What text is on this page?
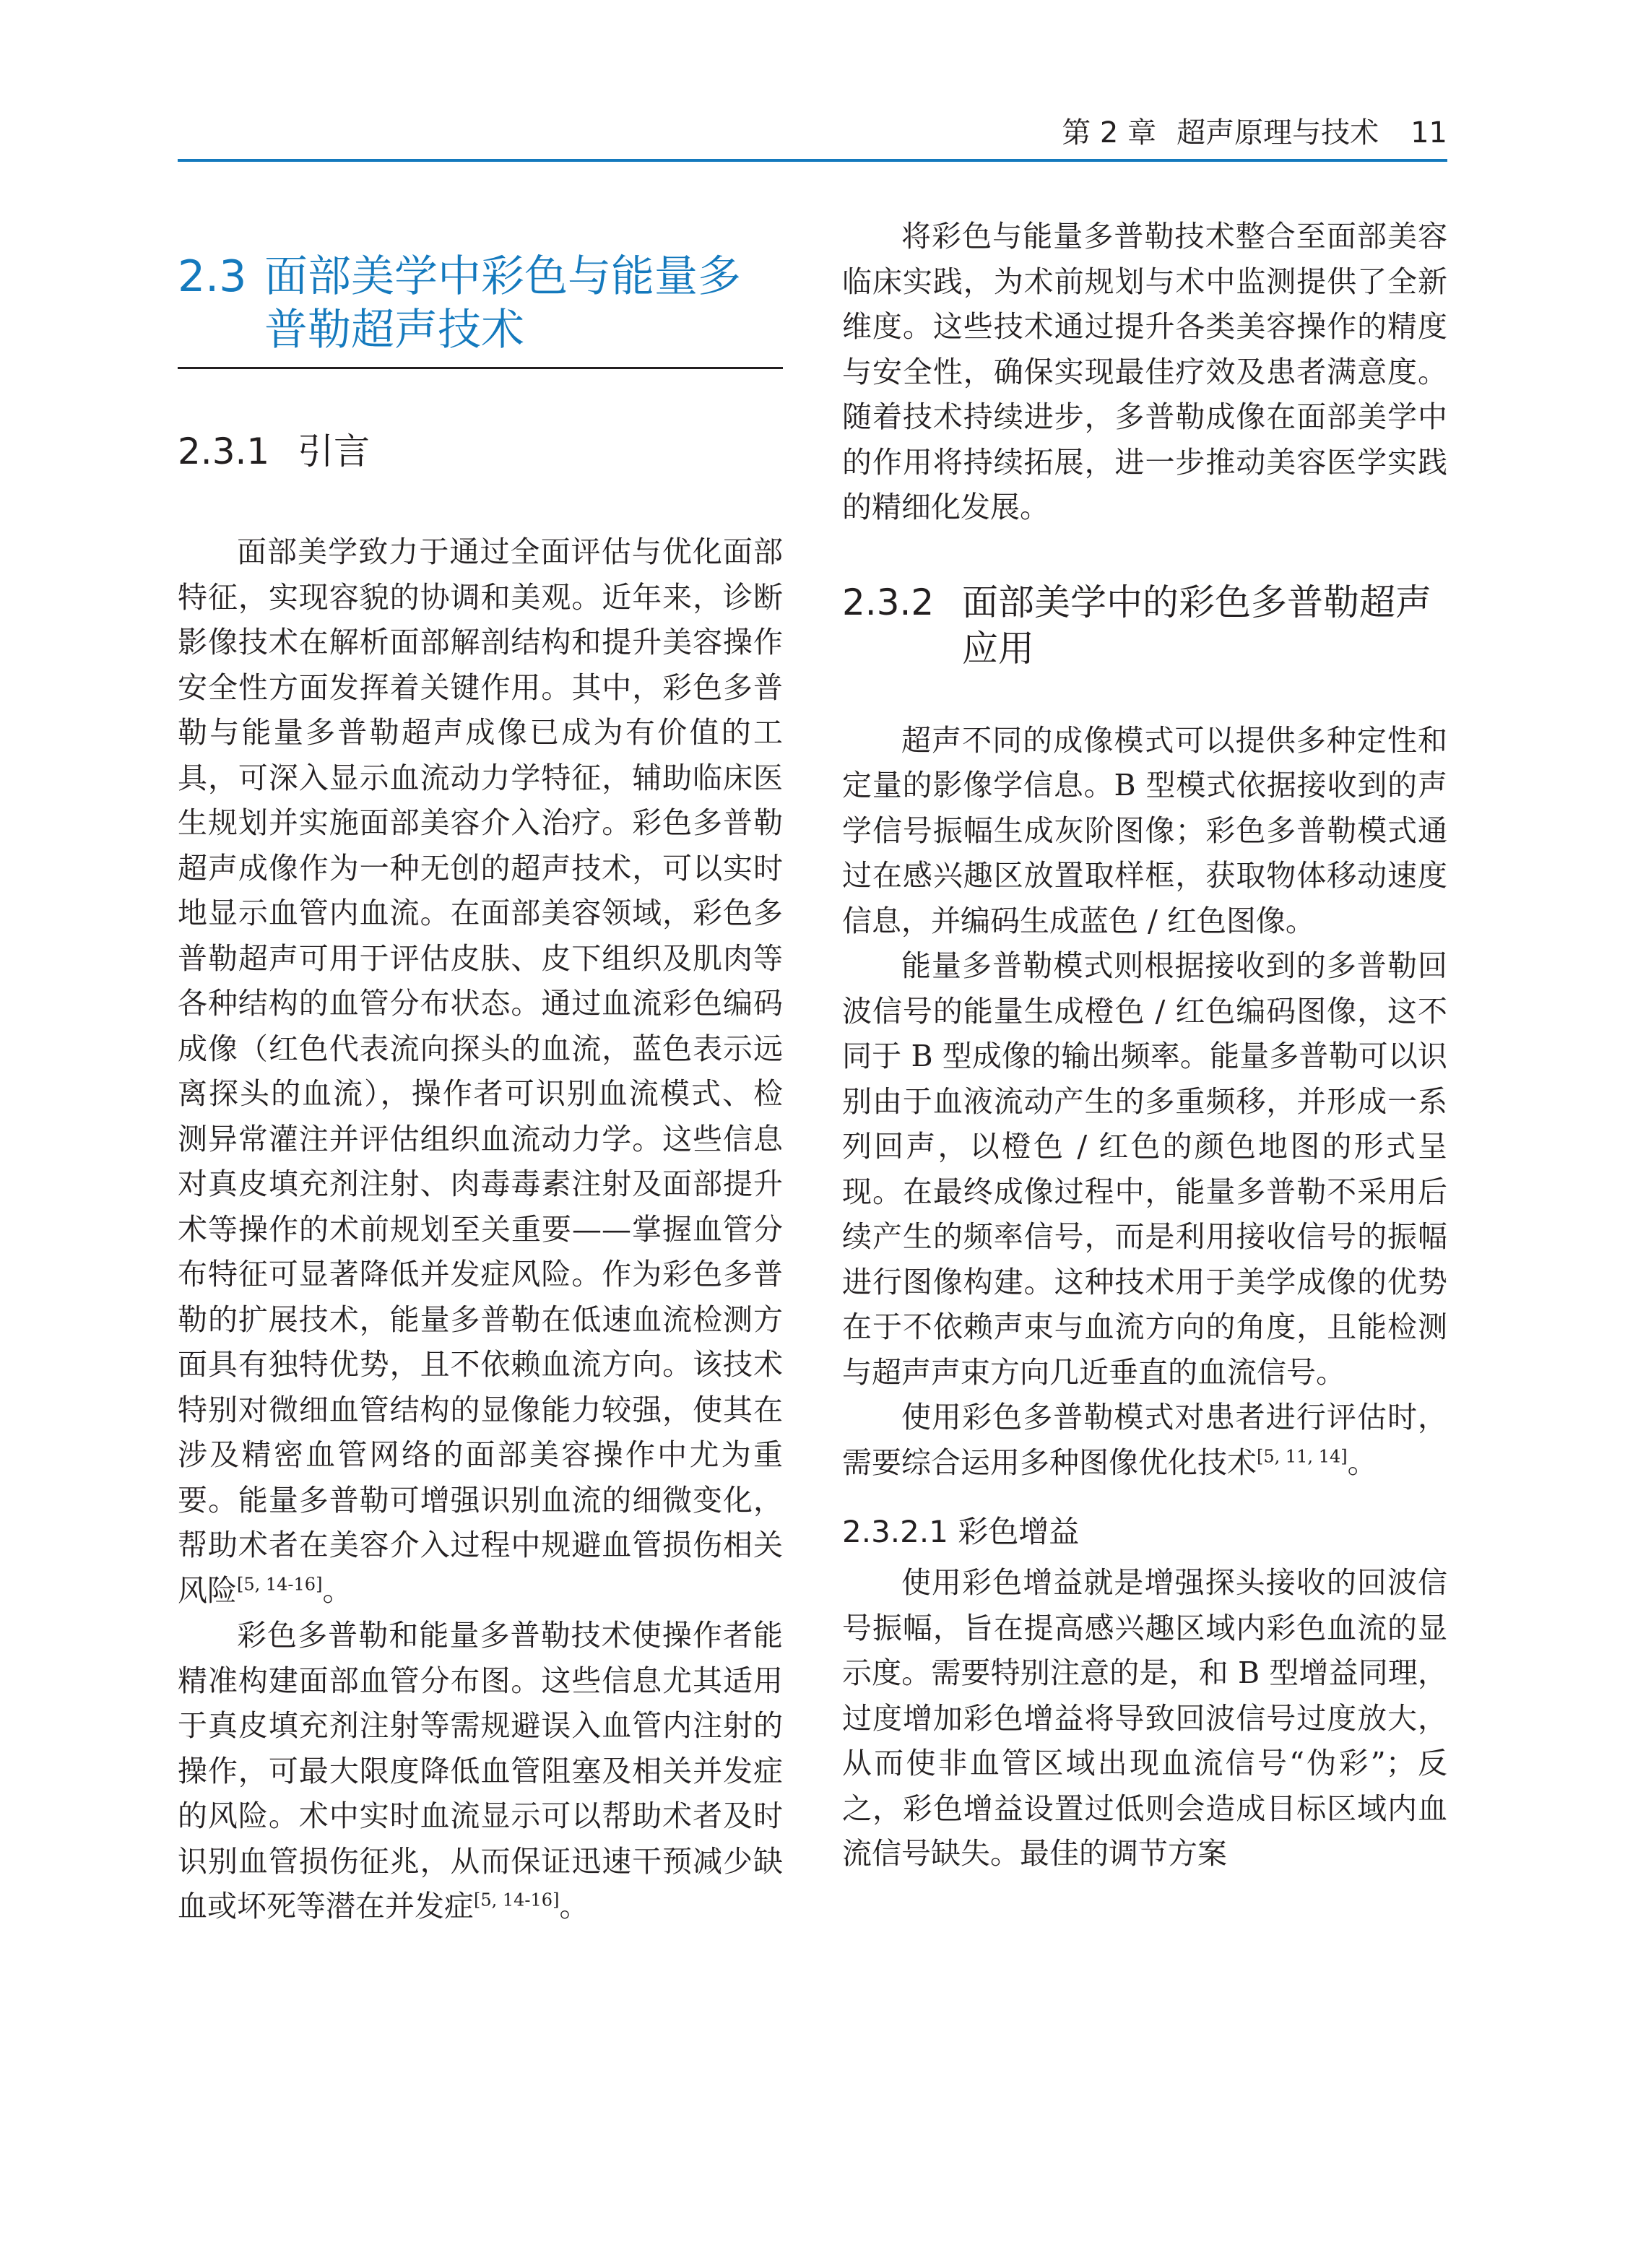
第 2 章 超声原理与技术 11
2.3 面部美学中彩色与能量多普勒超声技术
2.3.1 引言

面部美学致力于通过全面评估与优化面部特征，实现容貌的协调和美观。近年来，诊断影像技术在解析面部解剖结构和提升美容操作安全性方面发挥着关键作用。其中，彩色多普勒与能量多普勒超声成像已成为有价值的工具，可深入显示血流动力学特征，辅助临床医生规划并实施面部美容介入治疗。彩色多普勒超声成像作为一种无创的超声技术，可以实时地显示血管内血流。在面部美容领域，彩色多普勒超声可用于评估皮肤、皮下组织及肌肉等各种结构的血管分布状态。通过血流彩色编码成像（红色代表流向探头的血流，蓝色表示远离探头的血流），操作者可识别血流模式、检测异常灌注并评估组织血流动力学。这些信息对真皮填充剂注射、肉毒毒素注射及面部提升术等操作的术前规划至关重要——掌握血管分布特征可显著降低并发症风险。作为彩色多普勒的扩展技术，能量多普勒在低速血流检测方面具有独特优势，且不依赖血流方向。该技术特别对微细血管结构的显像能力较强，使其在涉及精密血管网络的面部美容操作中尤为重要。能量多普勒可增强识别血流的细微变化，帮助术者在美容介入过程中规避血管损伤相关风险[5, 14-16]。

彩色多普勒和能量多普勒技术使操作者能精准构建面部血管分布图。这些信息尤其适用于真皮填充剂注射等需规避误入血管内注射的操作，可最大限度降低血管阻塞及相关并发症的风险。术中实时血流显示可以帮助术者及时识别血管损伤征兆，从而保证迅速干预减少缺血或坏死等潜在并发症[5, 14-16]。

将彩色与能量多普勒技术整合至面部美容临床实践，为术前规划与术中监测提供了全新维度。这些技术通过提升各类美容操作的精度与安全性，确保实现最佳疗效及患者满意度。随着技术持续进步，多普勒成像在面部美学中的作用将持续拓展，进一步推动美容医学实践的精细化发展。

2.3.2 面部美学中的彩色多普勒超声应用

超声不同的成像模式可以提供多种定性和定量的影像学信息。B 型模式依据接收到的声学信号振幅生成灰阶图像；彩色多普勒模式通过在感兴趣区放置取样框，获取物体移动速度信息，并编码生成蓝色 / 红色图像。

能量多普勒模式则根据接收到的多普勒回波信号的能量生成橙色 / 红色编码图像，这不同于 B 型成像的输出频率。能量多普勒可以识别由于血液流动产生的多重频移，并形成一系列回声，以橙色 / 红色的颜色地图的形式呈现。在最终成像过程中，能量多普勒不采用后续产生的频率信号，而是利用接收信号的振幅进行图像构建。这种技术用于美学成像的优势在于不依赖声束与血流方向的角度，且能检测与超声声束方向几近垂直的血流信号。

使用彩色多普勒模式对患者进行评估时，需要综合运用多种图像优化技术[5, 11, 14]。

2.3.2.1 彩色增益

使用彩色增益就是增强探头接收的回波信号振幅，旨在提高感兴趣区域内彩色血流的显示度。需要特别注意的是，和 B 型增益同理，过度增加彩色增益将导致回波信号过度放大，从而使非血管区域出现血流信号“伪彩”；反之，彩色增益设置过低则会造成目标区域内血流信号缺失。最佳的调节方案
